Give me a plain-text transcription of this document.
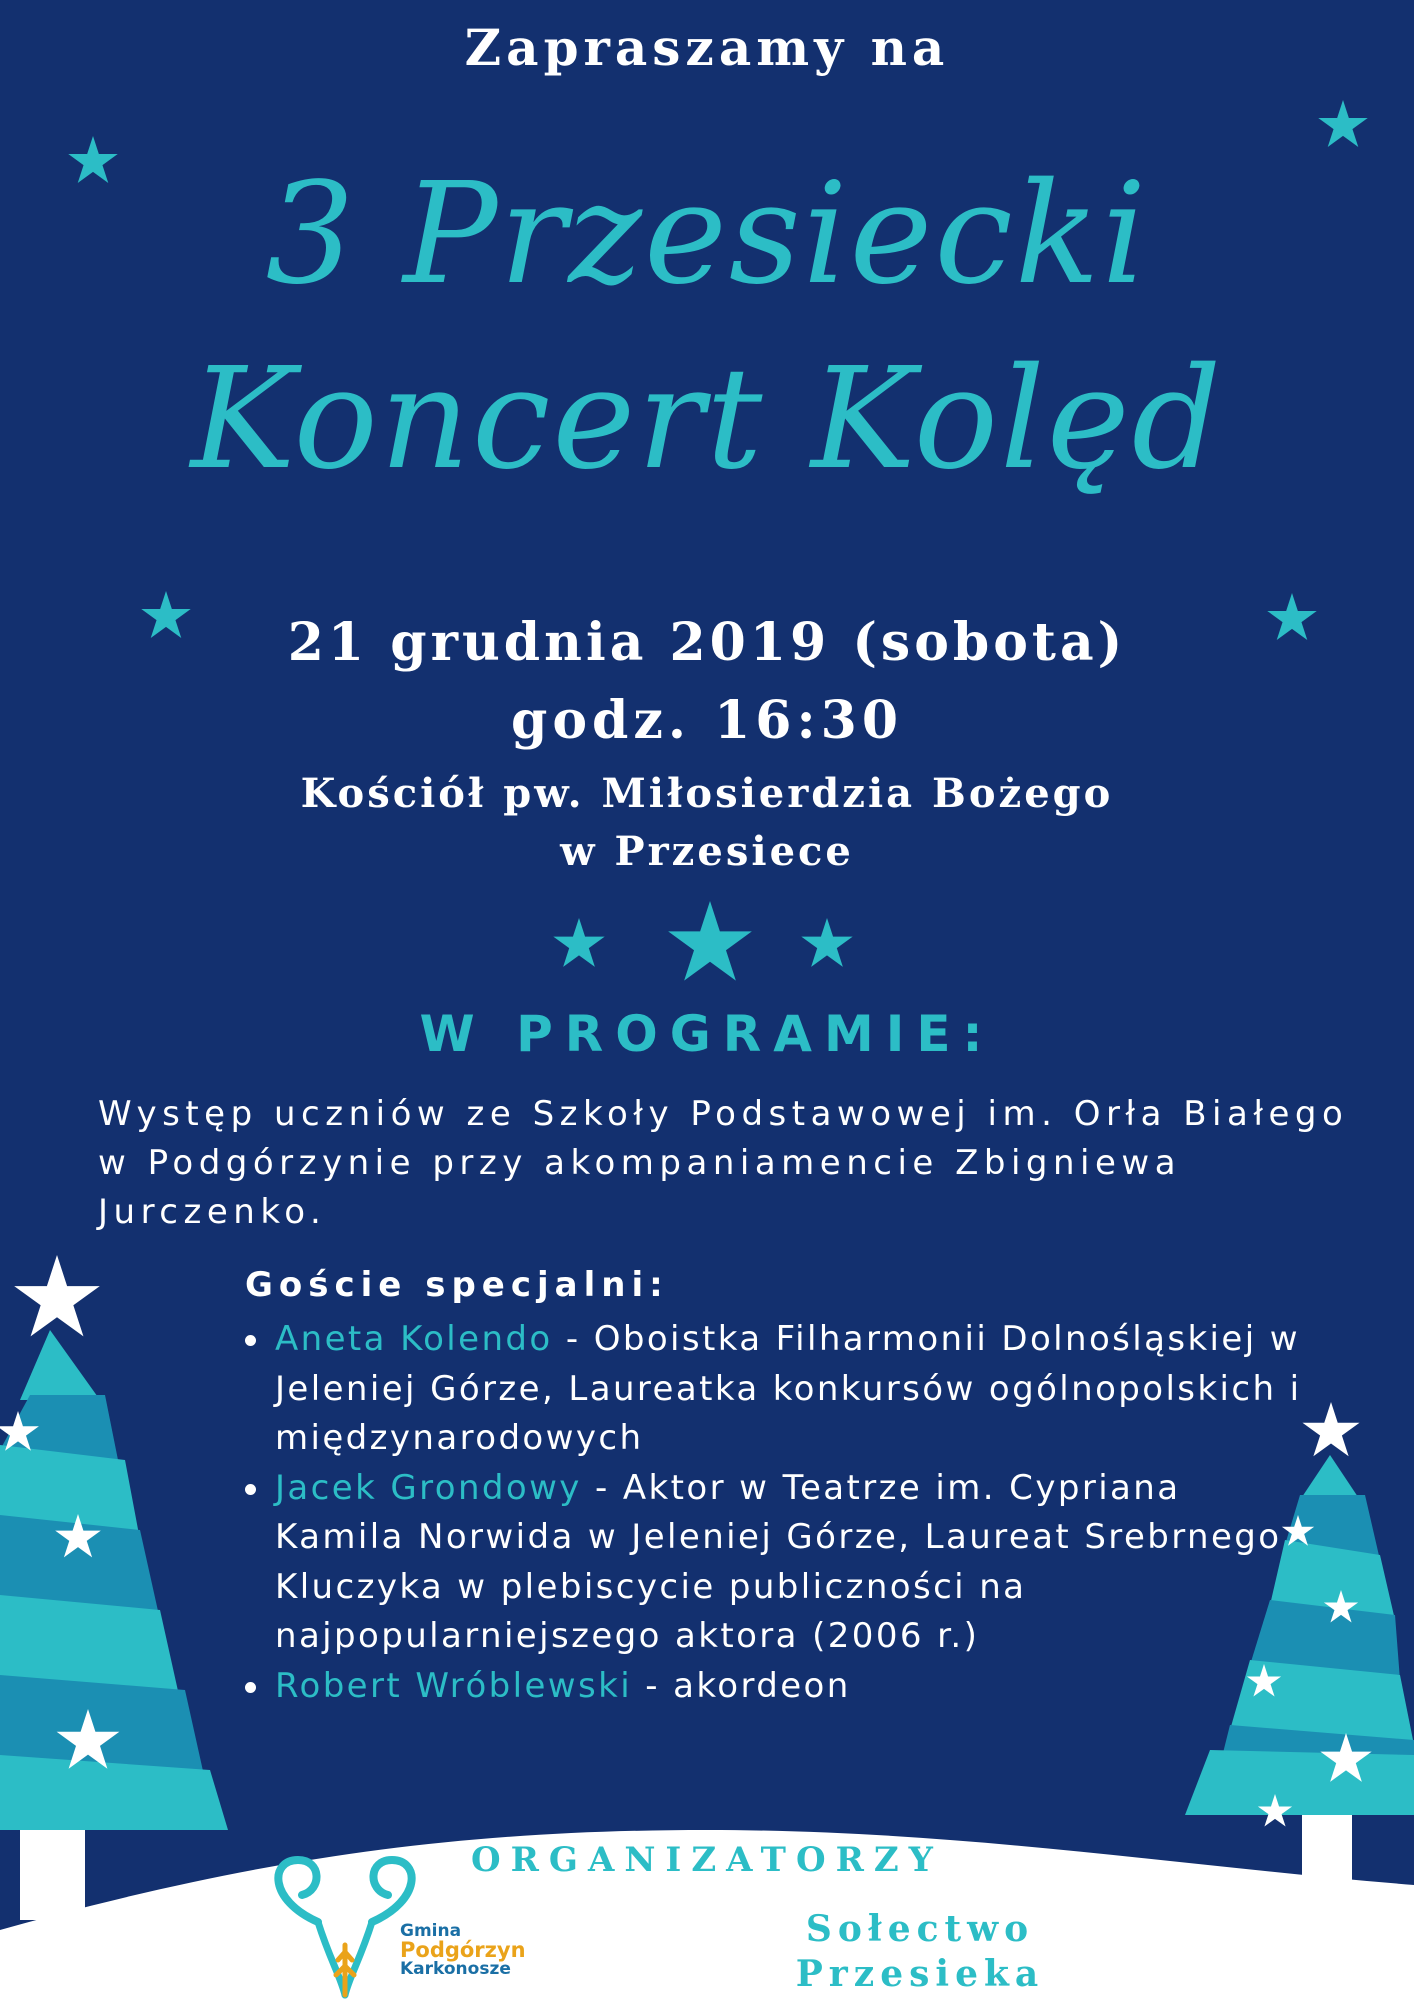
Zapraszamy na
3 Przesiecki
Koncert Kolęd
21 grudnia 2019 (sobota)
godz. 16:30
Kościół pw. Miłosierdzia Bożego
w Przesiece
W PROGRAMIE:
Występ uczniów ze Szkoły Podstawowej im. Orła Białego w Podgórzynie przy akompaniamencie Zbigniewa Jurczenko.
Goście specjalni:
Aneta Kolendo - Oboistka Filharmonii Dolnośląskiej w Jeleniej Górze, Laureatka konkursów ogólnopolskich i międzynarodowych
Jacek Grondowy - Aktor w Teatrze im. Cypriana Kamila Norwida w Jeleniej Górze, Laureat Srebrnego Kluczyka w plebiscycie publiczności na najpopularniejszego aktora (2006 r.)
Robert Wróblewski - akordeon
ORGANIZATORZY
Gmina
Podgórzyn
Karkonosze
Sołectwo
Przesieka
